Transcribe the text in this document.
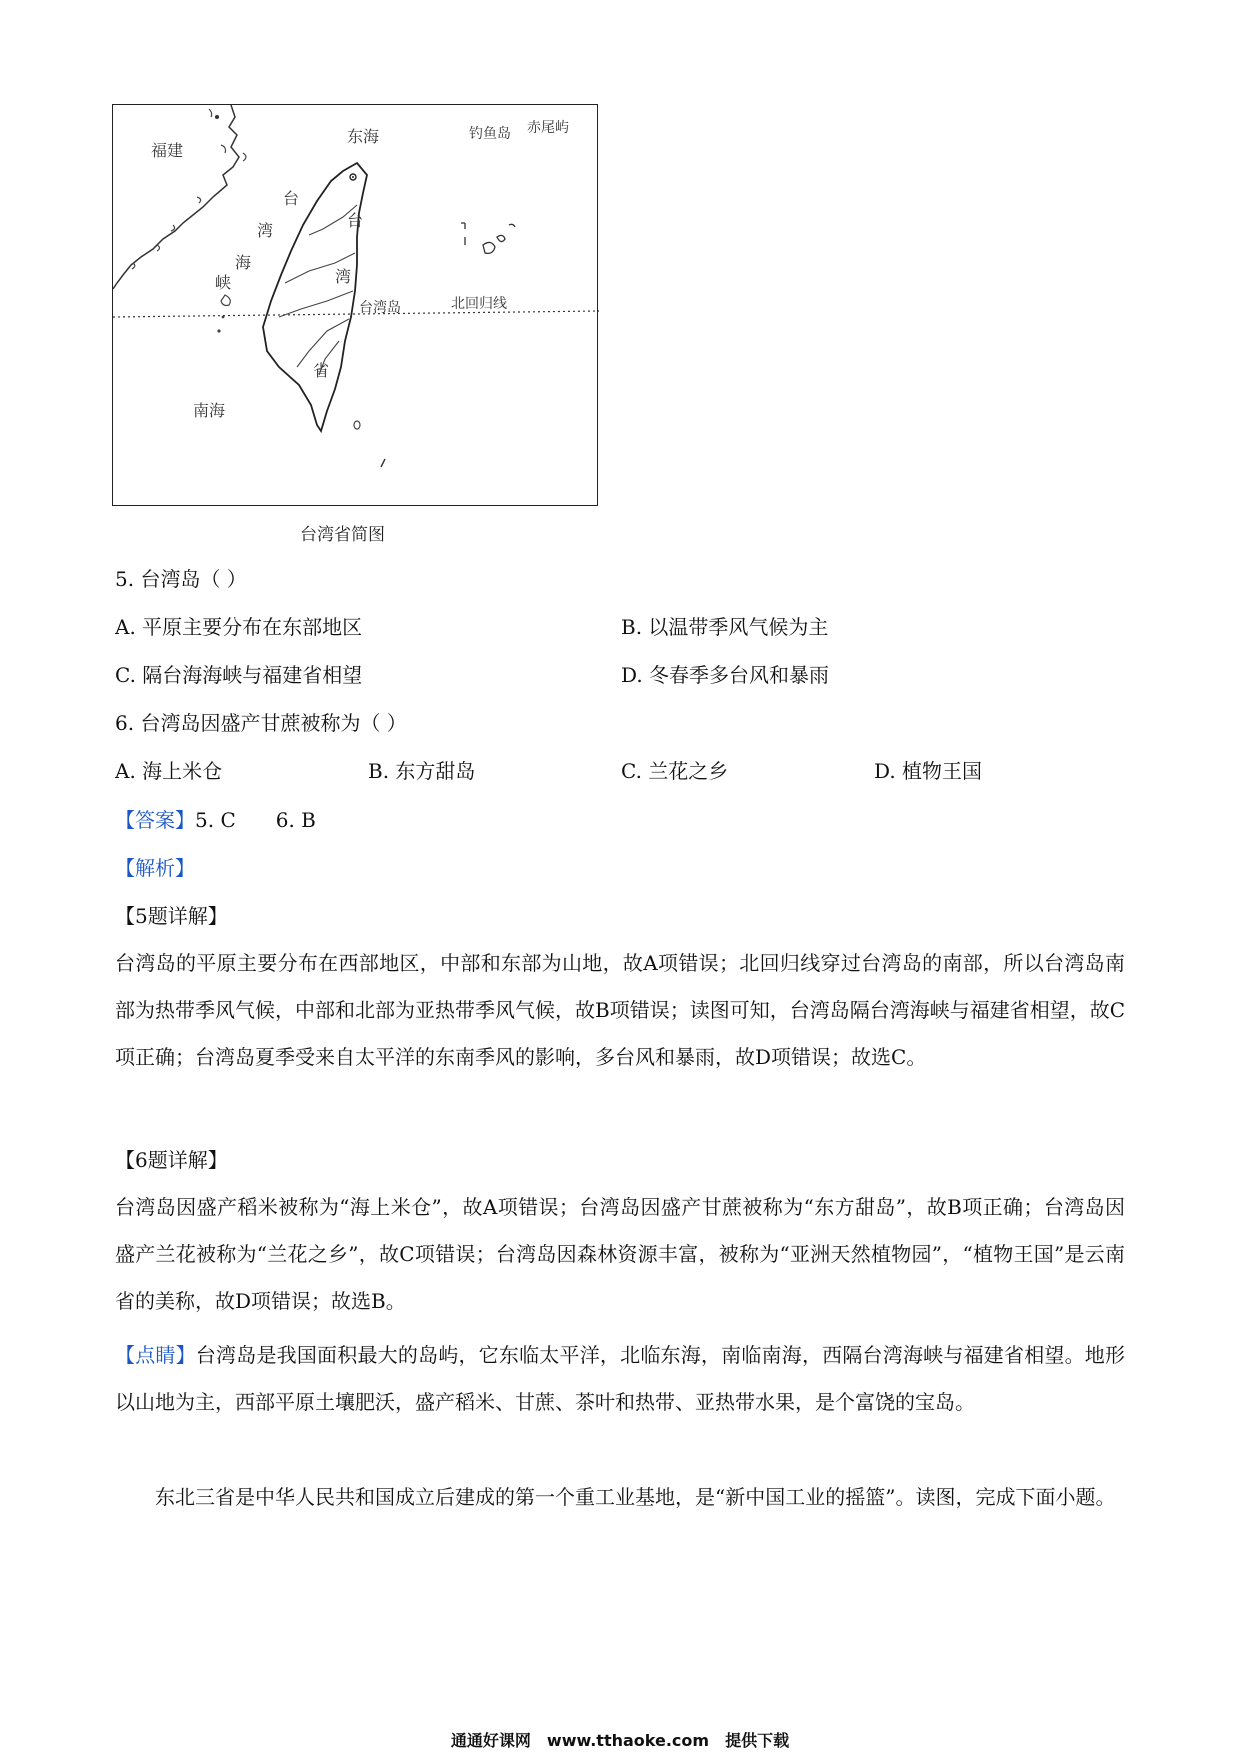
福建
东海	钓鱼岛 赤尾屿
台
湾
海
峡
台
湾
省
台湾岛	北回归线
南海
台湾省简图
5. 台湾岛（ ）
A. 平原主要分布在东部地区	B. 以温带季风气候为主
C. 隔台海海峡与福建省相望	D. 冬春季多台风和暴雨
6. 台湾岛因盛产甘蔗被称为（ ）
A. 海上米仓	B. 东方甜岛	C. 兰花之乡	D. 植物王国
【答案】5. C　　6. B
【解析】
【5题详解】
台湾岛的平原主要分布在西部地区，中部和东部为山地，故A项错误；北回归线穿过台湾岛的南部，所以台湾岛南部为热带季风气候，中部和北部为亚热带季风气候，故B项错误；读图可知，台湾岛隔台湾海峡与福建省相望，故C项正确；台湾岛夏季受来自太平洋的东南季风的影响，多台风和暴雨，故D项错误；故选C。
【6题详解】
台湾岛因盛产稻米被称为“海上米仓”，故A项错误；台湾岛因盛产甘蔗被称为“东方甜岛”，故B项正确；台湾岛因盛产兰花被称为“兰花之乡”，故C项错误；台湾岛因森林资源丰富，被称为“亚洲天然植物园”，“植物王国”是云南省的美称，故D项错误；故选B。
【点睛】台湾岛是我国面积最大的岛屿，它东临太平洋，北临东海，南临南海，西隔台湾海峡与福建省相望。地形以山地为主，西部平原土壤肥沃，盛产稻米、甘蔗、茶叶和热带、亚热带水果，是个富饶的宝岛。
东北三省是中华人民共和国成立后建成的第一个重工业基地，是“新中国工业的摇篮”。读图，完成下面小题。
通通好课网　www.tthaoke.com　提供下载
